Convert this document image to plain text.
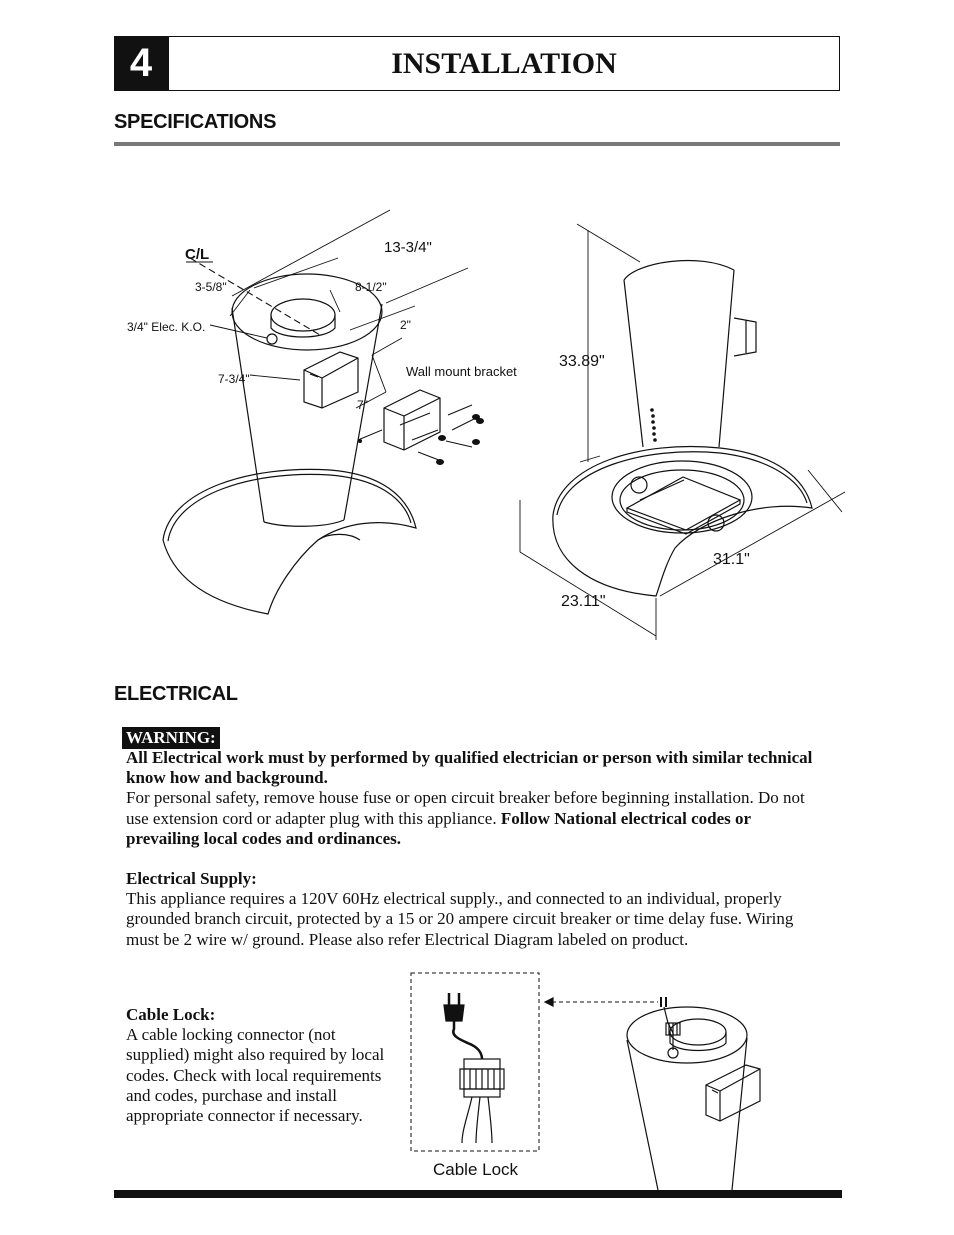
4	INSTALLATION
SPECIFICATIONS
C/L	13-3/4"
3-5/8"	8-1/2"
3/4" Elec. K.O.	2"
7-3/4"
7"
Wall mount bracket
33.89"
31.1"
23.11"
ELECTRICAL
WARNING:
All Electrical work must by performed by qualified electrician or person with similar technical know how and background.
For personal safety, remove house fuse or open circuit breaker before beginning installation. Do not use extension cord or adapter plug with this appliance. Follow National electrical codes or prevailing local codes and ordinances.
Electrical Supply:
This appliance requires a 120V 60Hz electrical supply., and connected to an individual, properly grounded branch circuit, protected by a 15 or 20 ampere circuit breaker or time delay fuse. Wiring must be 2 wire w/ ground. Please also refer Electrical Diagram labeled on product.
Cable Lock:
A cable locking connector (not supplied) might also required by local codes. Check with local requirements and codes, purchase and install appropriate connector if necessary.
Cable Lock
